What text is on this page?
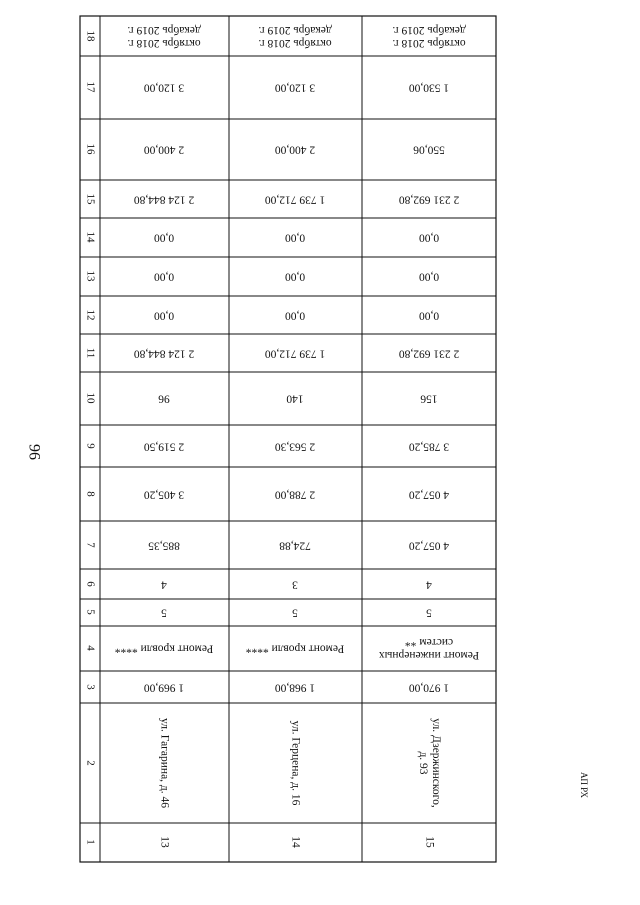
96
АП РХ
1
2
3
4
5
6
7
8
9
10
11
12
13
14
15
16
17
18
13
ул. Гагарина, д. 46
1 969,00
Ремонт кровли ****
5
4
885,35
3 405,20
2 519,50
96
2 124 844,80
0,00
0,00
0,00
2 124 844,80
2 400,00
3 120,00
октябрь 2018 г.
декабрь 2019 г.
14
ул. Герцена, д. 16
1 968,00
Ремонт кровли ****
5
3
724,88
2 788,00
2 563,30
140
1 739 712,00
0,00
0,00
0,00
1 739 712,00
2 400,00
3 120,00
октябрь 2018 г.
декабрь 2019 г.
15
ул. Дзержинского,
д. 93
1 970,00
Ремонт инженерных
систем **
5
4
4 057,20
4 057,20
3 785,20
156
2 231 692,80
0,00
0,00
0,00
2 231 692,80
550,06
1 530,00
октябрь 2018 г.
декабрь 2019 г.
